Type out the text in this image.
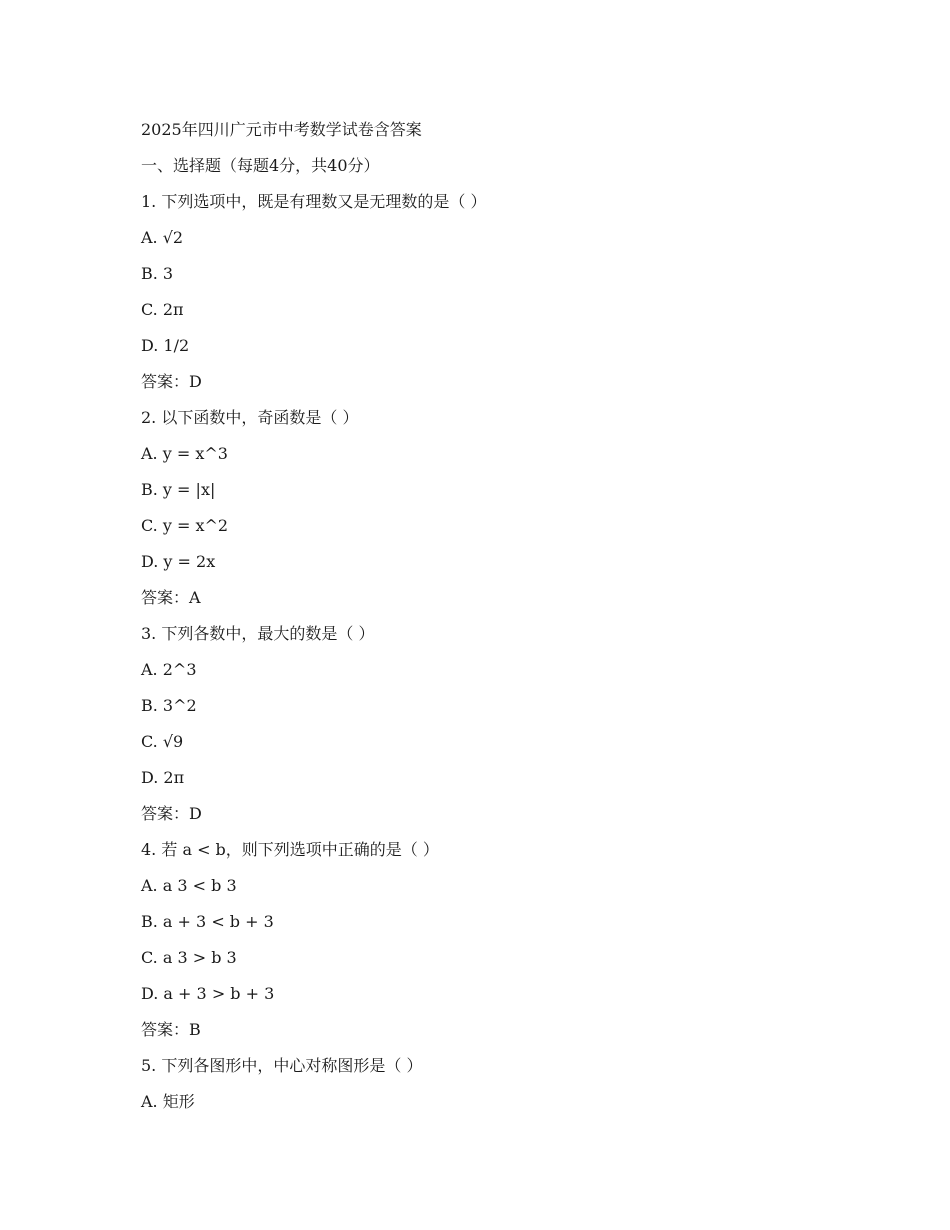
2025年四川广元市中考数学试卷含答案
一、选择题（每题4分，共40分）
1. 下列选项中，既是有理数又是无理数的是（ ）
A. √2
B. 3
C. 2π
D. 1/2
答案：D
2. 以下函数中，奇函数是（ ）
A. y = x^3
B. y = |x|
C. y = x^2
D. y = 2x
答案：A
3. 下列各数中，最大的数是（ ）
A. 2^3
B. 3^2
C. √9
D. 2π
答案：D
4. 若 a < b，则下列选项中正确的是（ ）
A. a 3 < b 3
B. a + 3 < b + 3
C. a 3 > b 3
D. a + 3 > b + 3
答案：B
5. 下列各图形中，中心对称图形是（ ）
A. 矩形
